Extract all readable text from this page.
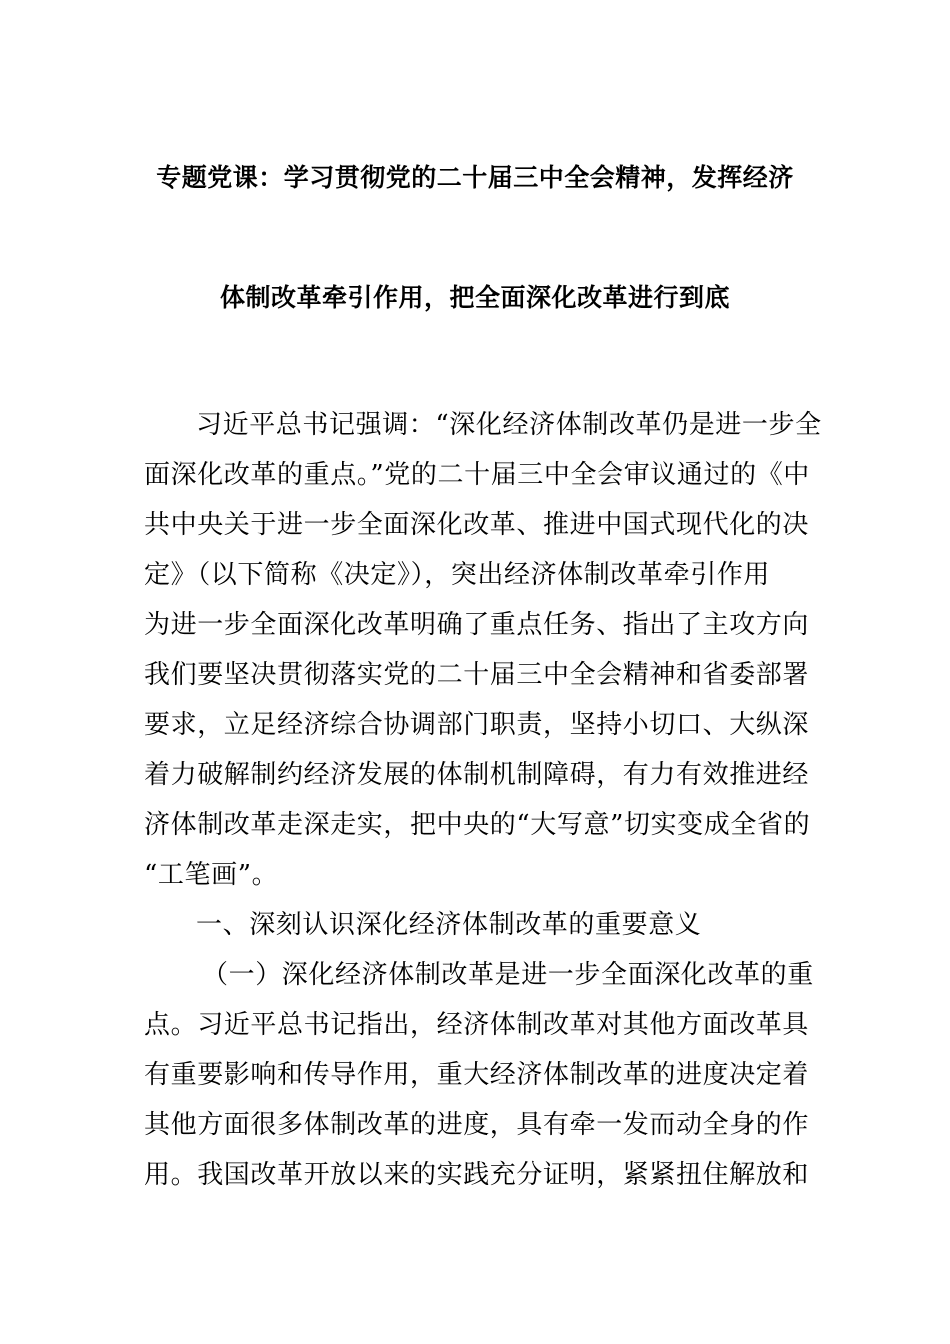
专题党课：学习贯彻党的二十届三中全会精神，发挥经济
体制改革牵引作用，把全面深化改革进行到底
习近平总书记强调：“深化经济体制改革仍是进一步全
面深化改革的重点。”党的二十届三中全会审议通过的《中
共中央关于进一步全面深化改革、推进中国式现代化的决
定》（以下简称《决定》），突出经济体制改革牵引作用
为进一步全面深化改革明确了重点任务、指出了主攻方向
我们要坚决贯彻落实党的二十届三中全会精神和省委部署
要求，立足经济综合协调部门职责，坚持小切口、大纵深
着力破解制约经济发展的体制机制障碍，有力有效推进经
济体制改革走深走实，把中央的“大写意”切实变成全省的
“工笔画”。
一、深刻认识深化经济体制改革的重要意义
（一）深化经济体制改革是进一步全面深化改革的重
点。习近平总书记指出，经济体制改革对其他方面改革具
有重要影响和传导作用，重大经济体制改革的进度决定着
其他方面很多体制改革的进度，具有牵一发而动全身的作
用。我国改革开放以来的实践充分证明，紧紧扭住解放和
